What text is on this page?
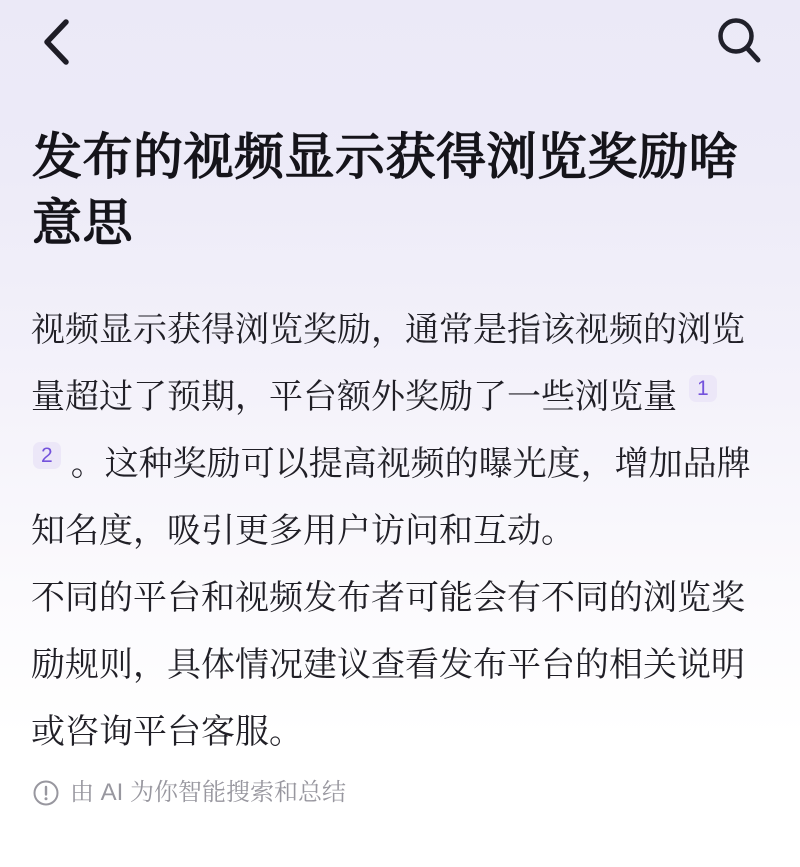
发布的视频显示获得浏览奖励啥
意思
视频显示获得浏览奖励，通常是指该视频的浏览
量超过了预期，平台额外奖励了一些浏览量 $^1$
$^2$ 。这种奖励可以提高视频的曝光度，增加品牌
知名度，吸引更多用户访问和互动。
不同的平台和视频发布者可能会有不同的浏览奖
励规则，具体情况建议查看发布平台的相关说明
或咨询平台客服。
由 AI 为你智能搜索和总结
